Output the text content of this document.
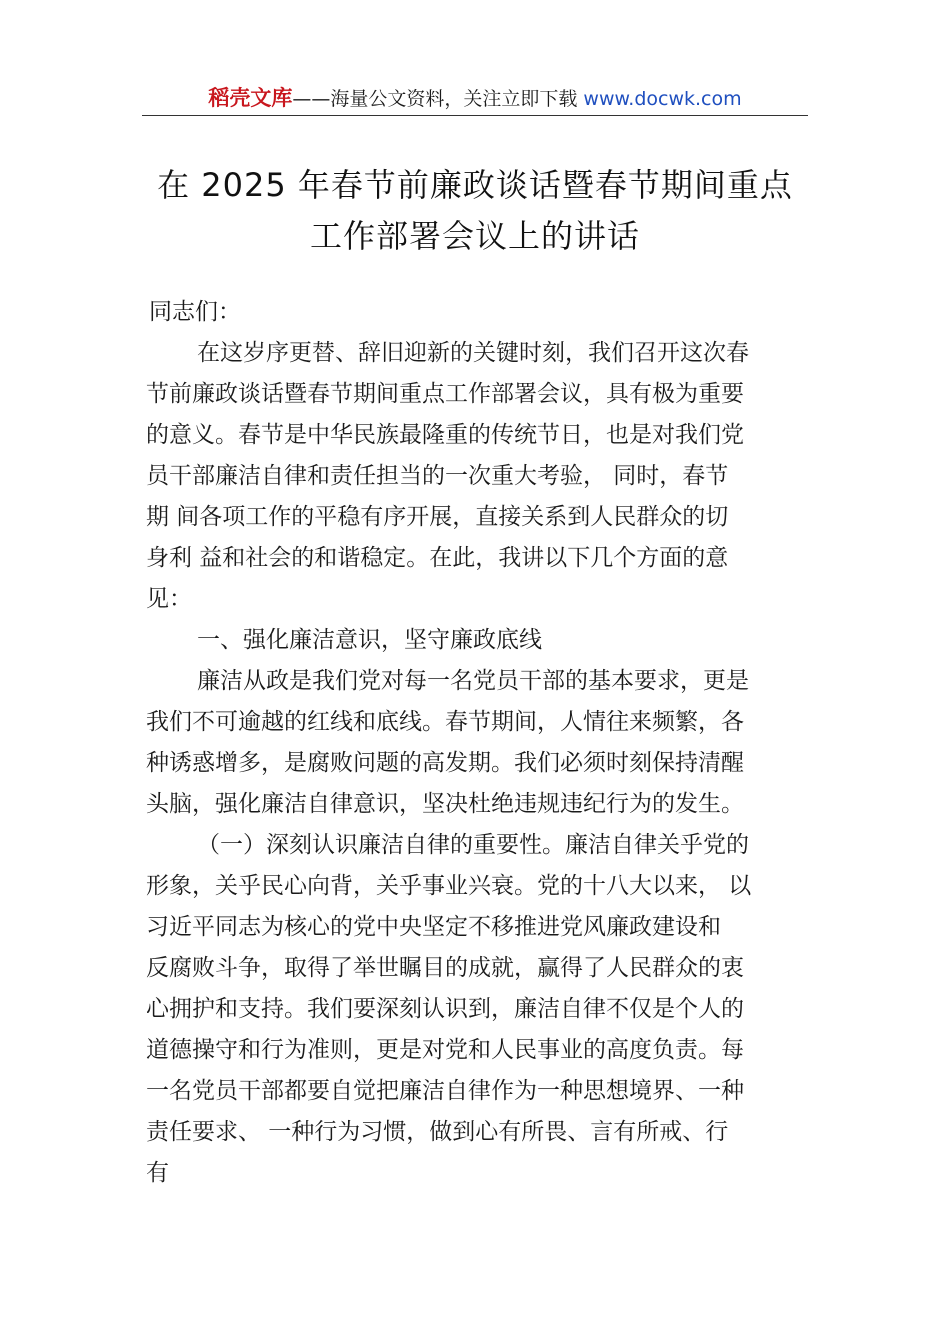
稻壳文库——海量公文资料，关注立即下载 www.docwk.com
在 2025 年春节前廉政谈话暨春节期间重点
工作部署会议上的讲话
同志们：
在这岁序更替、辞旧迎新的关键时刻，我们召开这次春
节前廉政谈话暨春节期间重点工作部署会议，具有极为重要
的意义。春节是中华民族最隆重的传统节日，也是对我们党
员干部廉洁自律和责任担当的一次重大考验， 同时，春节
期 间各项工作的平稳有序开展，直接关系到人民群众的切
身利 益和社会的和谐稳定。在此，我讲以下几个方面的意
见：
一、强化廉洁意识，坚守廉政底线
廉洁从政是我们党对每一名党员干部的基本要求，更是
我们不可逾越的红线和底线。春节期间，人情往来频繁，各
种诱惑增多，是腐败问题的高发期。我们必须时刻保持清醒
头脑，强化廉洁自律意识，坚决杜绝违规违纪行为的发生。
（一）深刻认识廉洁自律的重要性。廉洁自律关乎党的
形象，关乎民心向背，关乎事业兴衰。党的十八大以来， 以
习近平同志为核心的党中央坚定不移推进党风廉政建设和
反腐败斗争，取得了举世瞩目的成就，赢得了人民群众的衷
心拥护和支持。我们要深刻认识到，廉洁自律不仅是个人的
道德操守和行为准则，更是对党和人民事业的高度负责。每
一名党员干部都要自觉把廉洁自律作为一种思想境界、一种
责任要求、 一种行为习惯，做到心有所畏、言有所戒、行
有
